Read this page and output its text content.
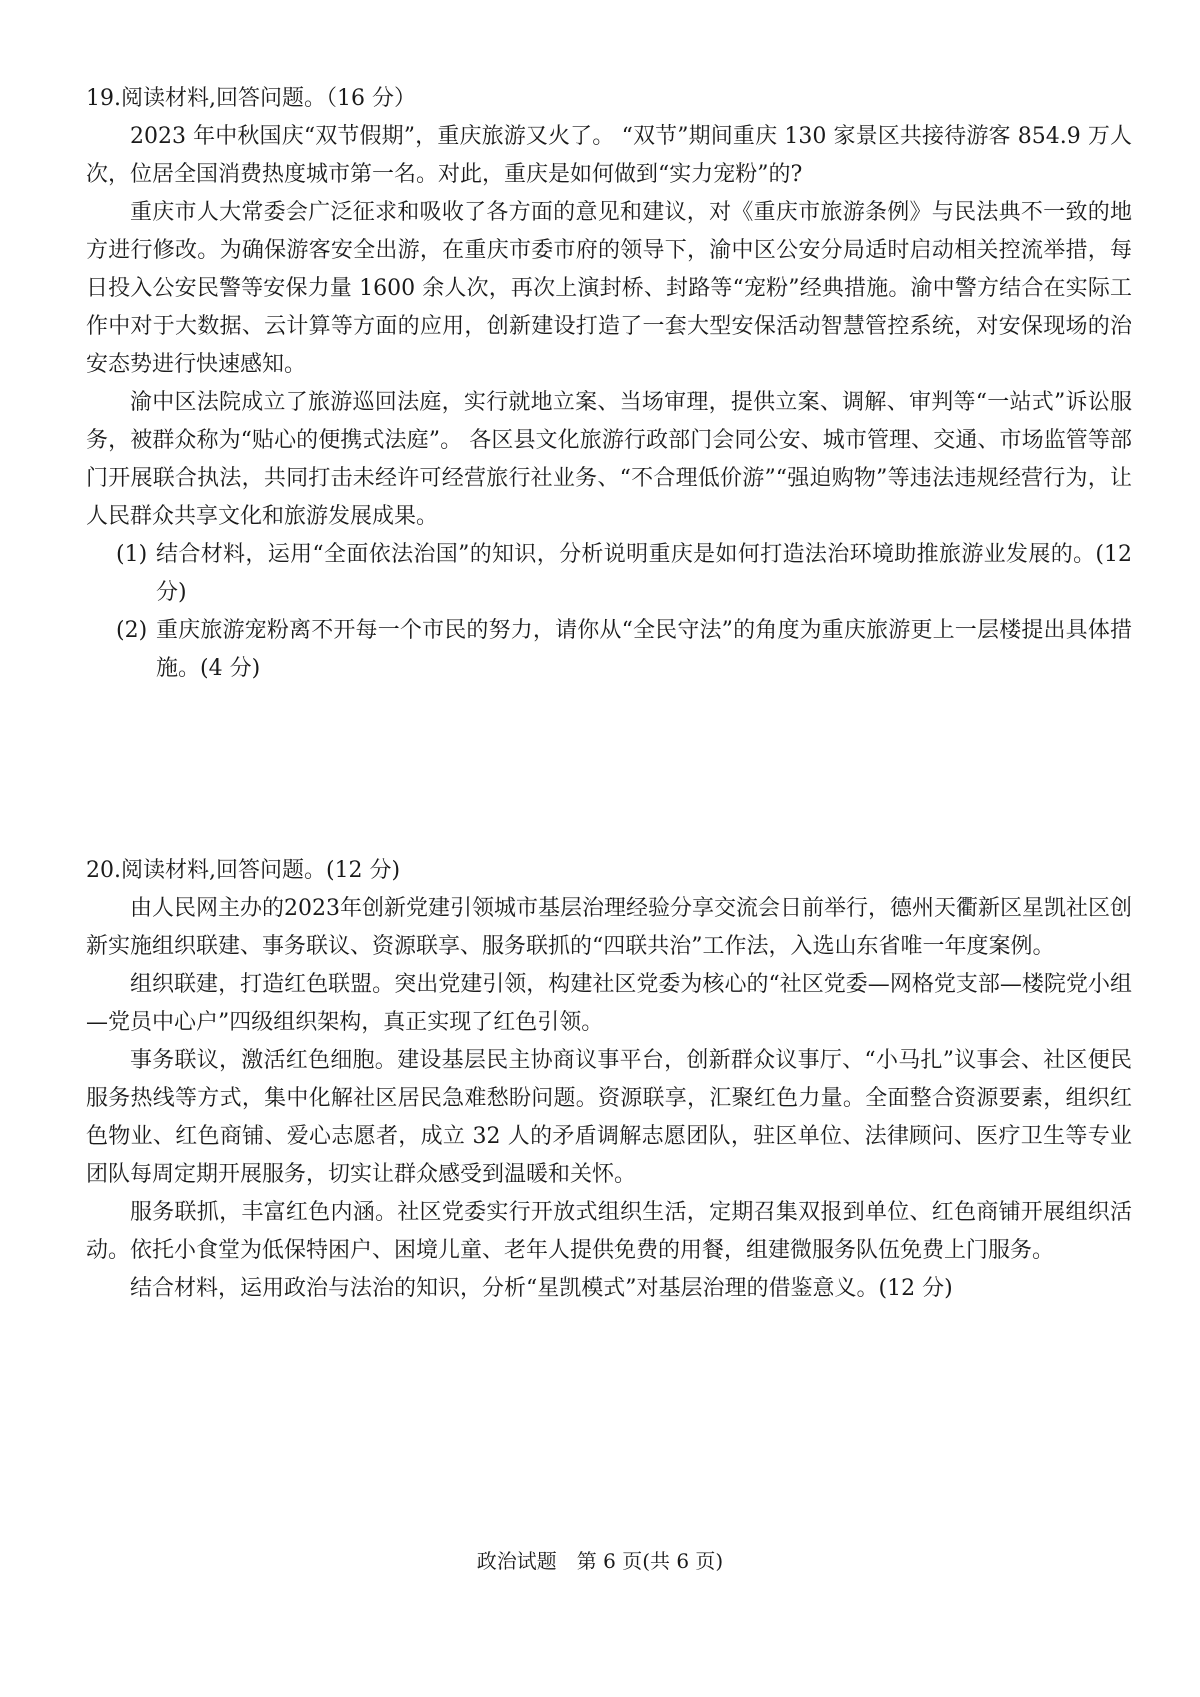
19.阅读材料,回答问题。（16 分）

2023 年中秋国庆“双节假期”，重庆旅游又火了。 “双节”期间重庆 130 家景区共接待游客 854.9 万人次，位居全国消费热度城市第一名。对此，重庆是如何做到“实力宠粉”的?

重庆市人大常委会广泛征求和吸收了各方面的意见和建议，对《重庆市旅游条例》与民法典不一致的地方进行修改。为确保游客安全出游，在重庆市委市府的领导下，渝中区公安分局适时启动相关控流举措，每日投入公安民警等安保力量 1600 余人次，再次上演封桥、封路等“宠粉”经典措施。渝中警方结合在实际工作中对于大数据、云计算等方面的应用，创新建设打造了一套大型安保活动智慧管控系统，对安保现场的治安态势进行快速感知。

渝中区法院成立了旅游巡回法庭，实行就地立案、当场审理，提供立案、调解、审判等“一站式”诉讼服务，被群众称为“贴心的便携式法庭”。 各区县文化旅游行政部门会同公安、城市管理、交通、市场监管等部门开展联合执法，共同打击未经许可经营旅行社业务、“不合理低价游”“强迫购物”等违法违规经营行为，让人民群众共享文化和旅游发展成果。

(1) 结合材料，运用“全面依法治国”的知识，分析说明重庆是如何打造法治环境助推旅游业发展的。(12 分)
(2) 重庆旅游宠粉离不开每一个市民的努力，请你从“全民守法”的角度为重庆旅游更上一层楼提出具体措施。(4 分)

20.阅读材料,回答问题。(12 分)

由人民网主办的2023年创新党建引领城市基层治理经验分享交流会日前举行，德州天衢新区星凯社区创新实施组织联建、事务联议、资源联享、服务联抓的“四联共治”工作法，入选山东省唯一年度案例。

组织联建，打造红色联盟。突出党建引领，构建社区党委为核心的“社区党委—网格党支部—楼院党小组—党员中心户”四级组织架构，真正实现了红色引领。

事务联议，激活红色细胞。建设基层民主协商议事平台，创新群众议事厅、“小马扎”议事会、社区便民服务热线等方式，集中化解社区居民急难愁盼问题。资源联享，汇聚红色力量。全面整合资源要素，组织红色物业、红色商铺、爱心志愿者，成立 32 人的矛盾调解志愿团队，驻区单位、法律顾问、医疗卫生等专业团队每周定期开展服务，切实让群众感受到温暖和关怀。

服务联抓，丰富红色内涵。社区党委实行开放式组织生活，定期召集双报到单位、红色商铺开展组织活动。依托小食堂为低保特困户、困境儿童、老年人提供免费的用餐，组建微服务队伍免费上门服务。

结合材料，运用政治与法治的知识，分析“星凯模式”对基层治理的借鉴意义。(12 分)

政治试题　第 6 页(共 6 页)
